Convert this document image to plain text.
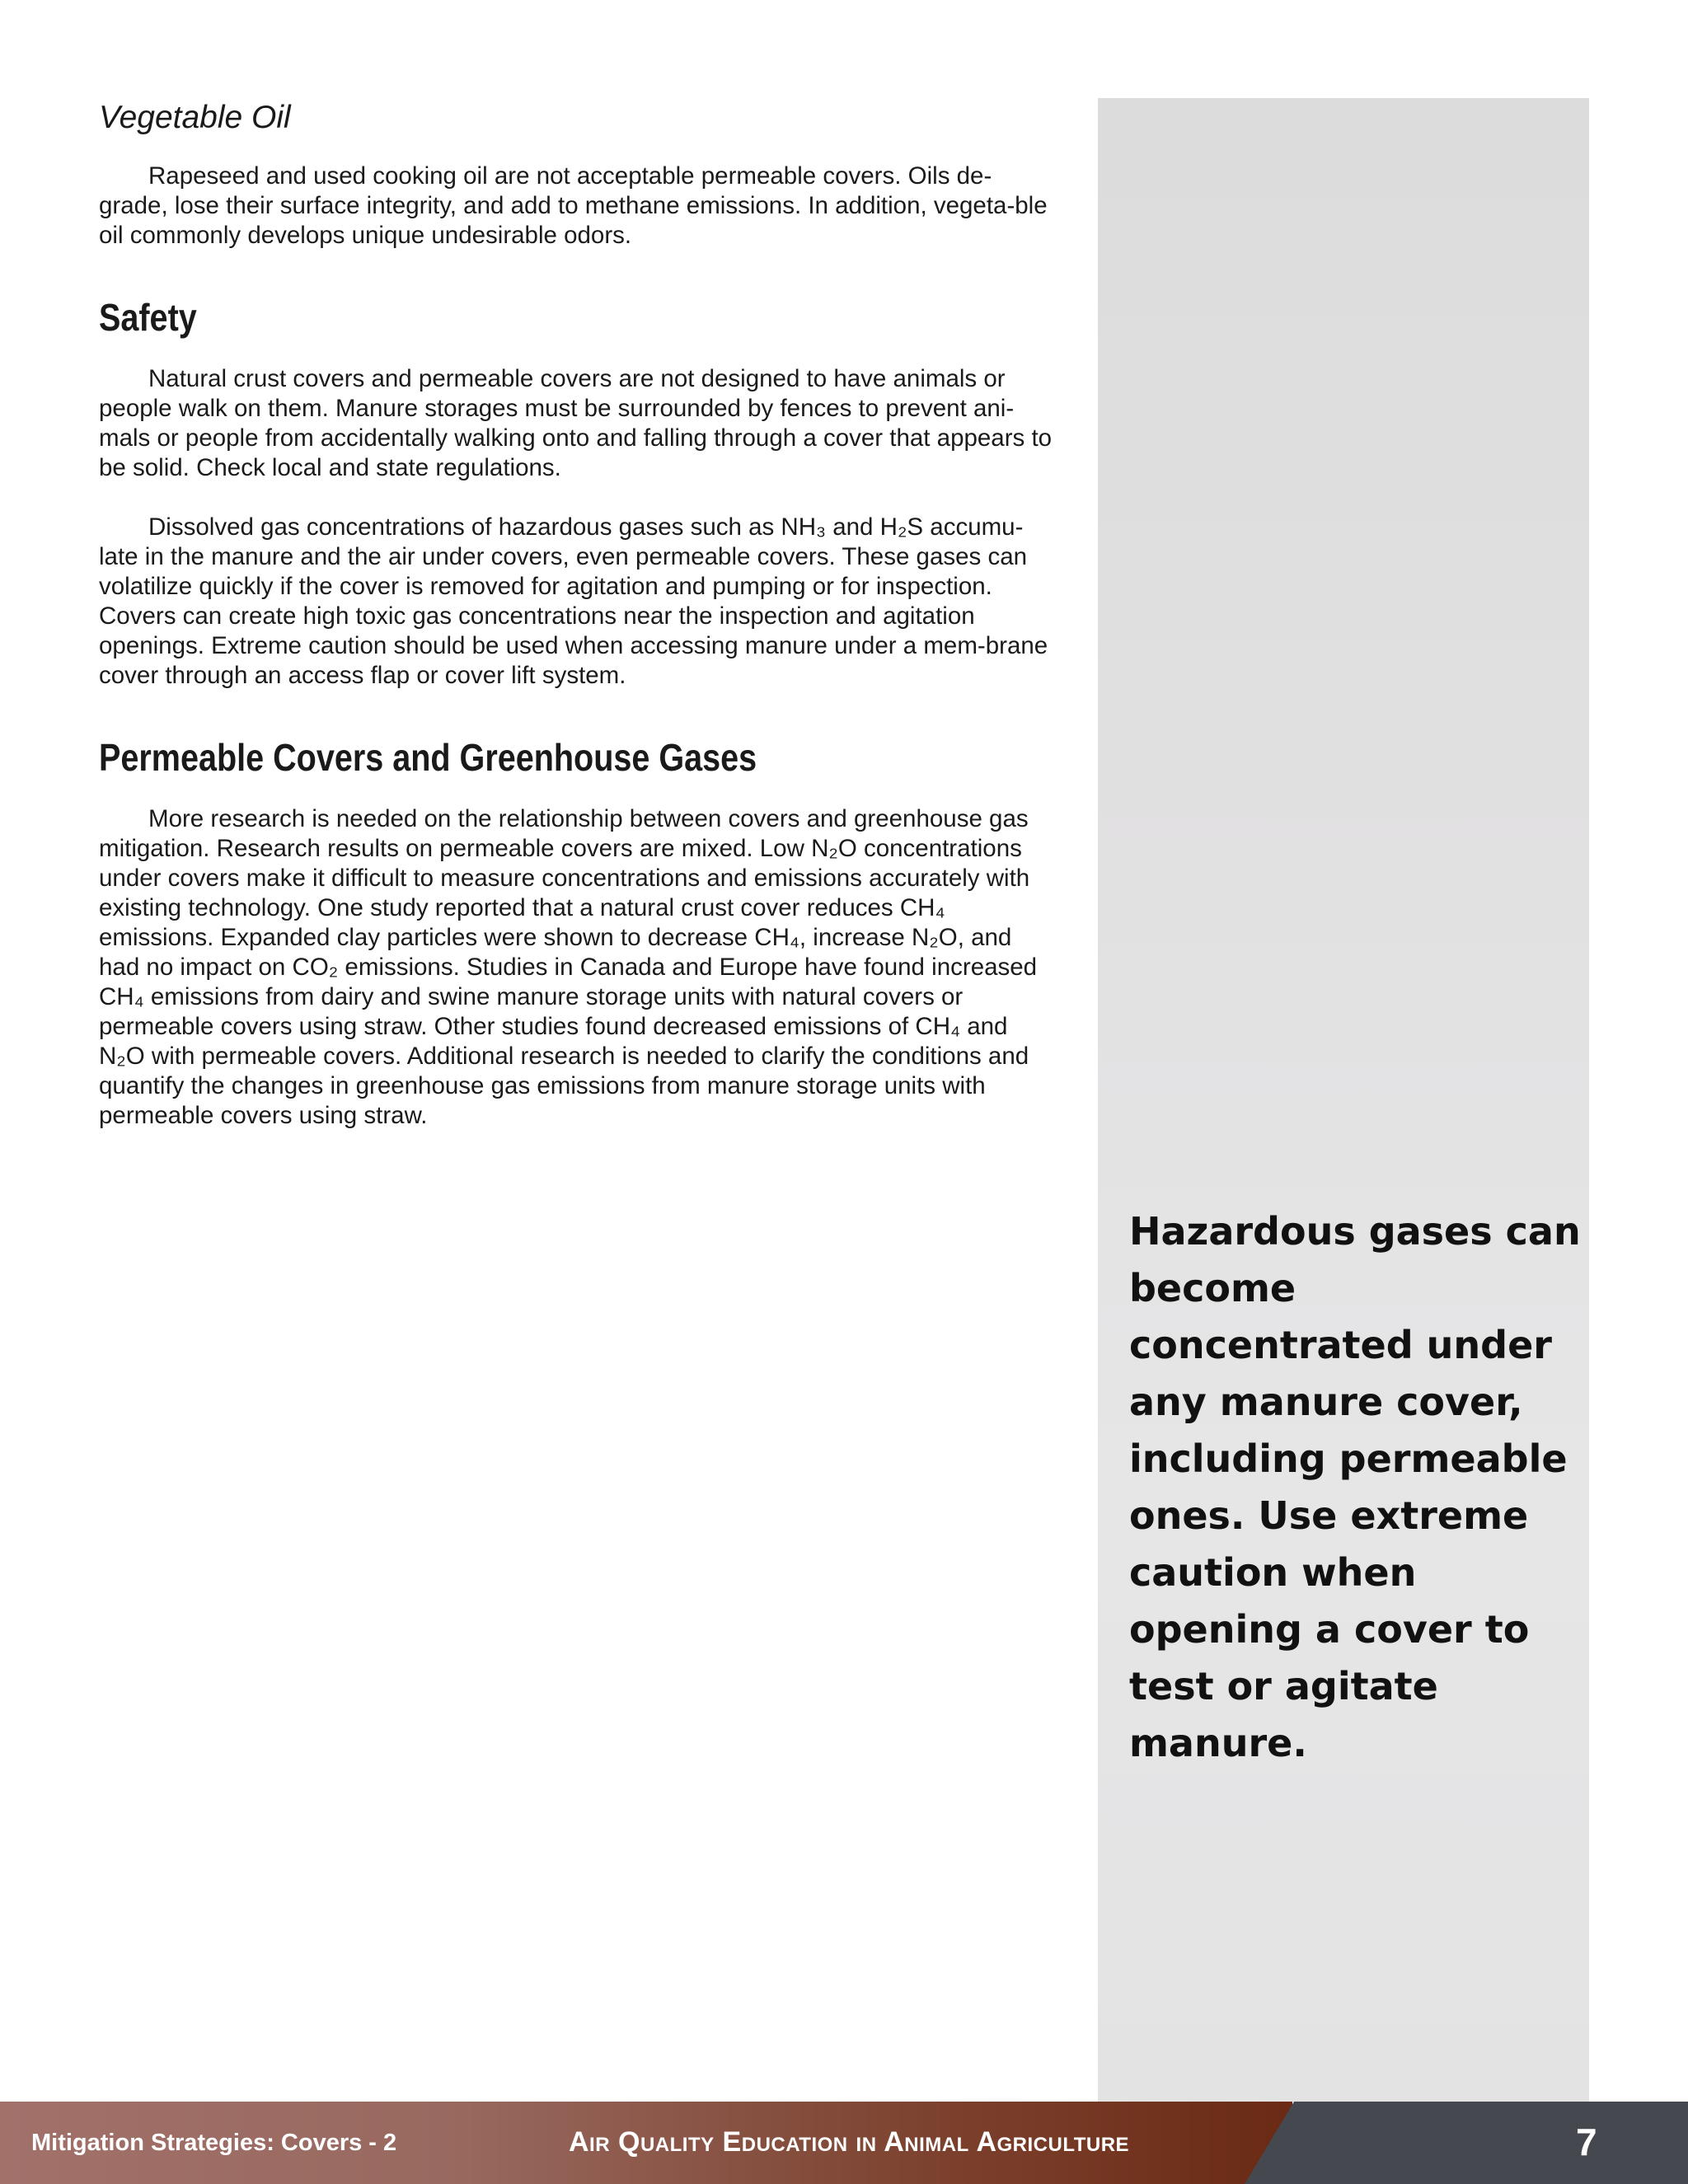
Vegetable Oil

Rapeseed and used cooking oil are not acceptable permeable covers. Oils de-grade, lose their surface integrity, and add to methane emissions. In addition, vegeta-ble oil commonly develops unique undesirable odors.

Safety

Natural crust covers and permeable covers are not designed to have animals or people walk on them. Manure storages must be surrounded by fences to prevent ani-mals or people from accidentally walking onto and falling through a cover that appears to be solid. Check local and state regulations.

Dissolved gas concentrations of hazardous gases such as NH₃ and H₂S accumu-late in the manure and the air under covers, even permeable covers. These gases can volatilize quickly if the cover is removed for agitation and pumping or for inspection. Covers can create high toxic gas concentrations near the inspection and agitation openings. Extreme caution should be used when accessing manure under a mem-brane cover through an access flap or cover lift system.

Permeable Covers and Greenhouse Gases

More research is needed on the relationship between covers and greenhouse gas mitigation. Research results on permeable covers are mixed. Low N₂O concentrations under covers make it difficult to measure concentrations and emissions accurately with existing technology. One study reported that a natural crust cover reduces CH₄ emissions. Expanded clay particles were shown to decrease CH₄, increase N₂O, and had no impact on CO₂ emissions. Studies in Canada and Europe have found increased CH₄ emissions from dairy and swine manure storage units with natural covers or permeable covers using straw. Other studies found decreased emissions of CH₄ and N₂O with permeable covers. Additional research is needed to clarify the conditions and quantify the changes in greenhouse gas emissions from manure storage units with permeable covers using straw.

Hazardous gases can become concentrated under any manure cover, including permeable ones. Use extreme caution when opening a cover to test or agitate manure.

Mitigation Strategies: Covers - 2	Air Quality Education in Animal Agriculture	7
